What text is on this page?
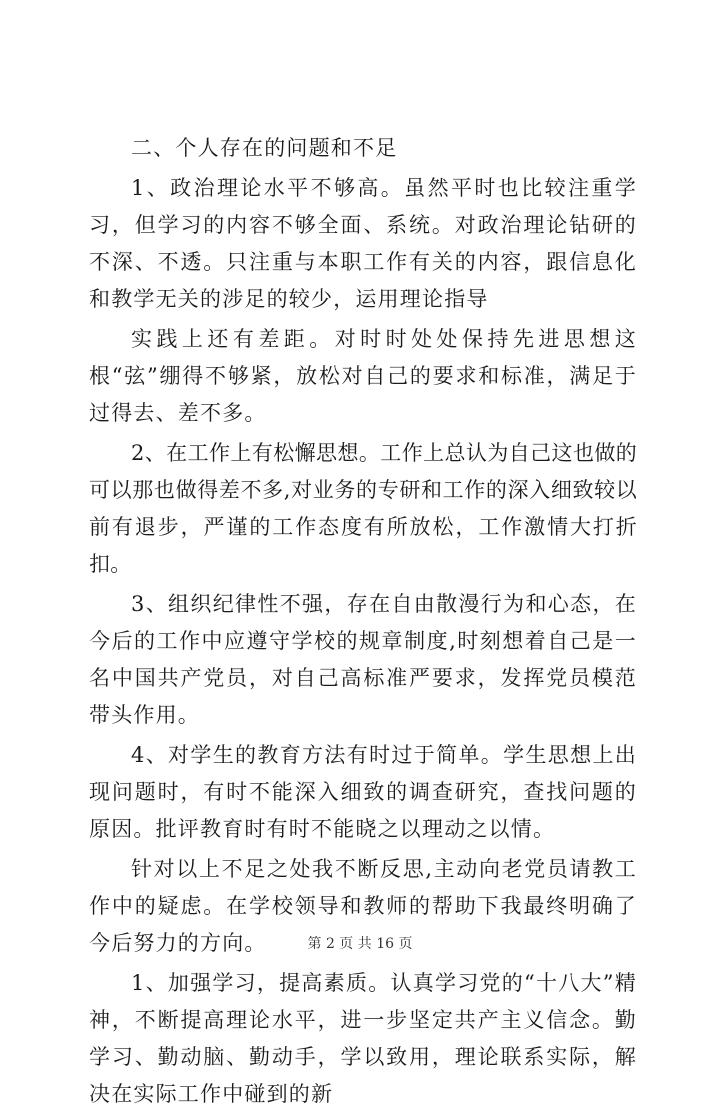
二、个人存在的问题和不足

1、政治理论水平不够高。虽然平时也比较注重学习，但学习的内容不够全面、系统。对政治理论钻研的不深、不透。只注重与本职工作有关的内容，跟信息化和教学无关的涉足的较少，运用理论指导

实践上还有差距。对时时处处保持先进思想这根“弦”绷得不够紧，放松对自己的要求和标准，满足于过得去、差不多。

2、在工作上有松懈思想。工作上总认为自己这也做的可以那也做得差不多,对业务的专研和工作的深入细致较以前有退步，严谨的工作态度有所放松，工作激情大打折扣。

3、组织纪律性不强，存在自由散漫行为和心态，在今后的工作中应遵守学校的规章制度,时刻想着自己是一名中国共产党员，对自己高标准严要求，发挥党员模范带头作用。

4、对学生的教育方法有时过于简单。学生思想上出现问题时，有时不能深入细致的调查研究，查找问题的原因。批评教育时有时不能晓之以理动之以情。

针对以上不足之处我不断反思,主动向老党员请教工作中的疑虑。在学校领导和教师的帮助下我最终明确了今后努力的方向。

1、加强学习，提高素质。认真学习党的“十八大”精神，不断提高理论水平，进一步坚定共产主义信念。勤学习、勤动脑、勤动手，学以致用，理论联系实际，解决在实际工作中碰到的新

第 2 页 共 16 页
